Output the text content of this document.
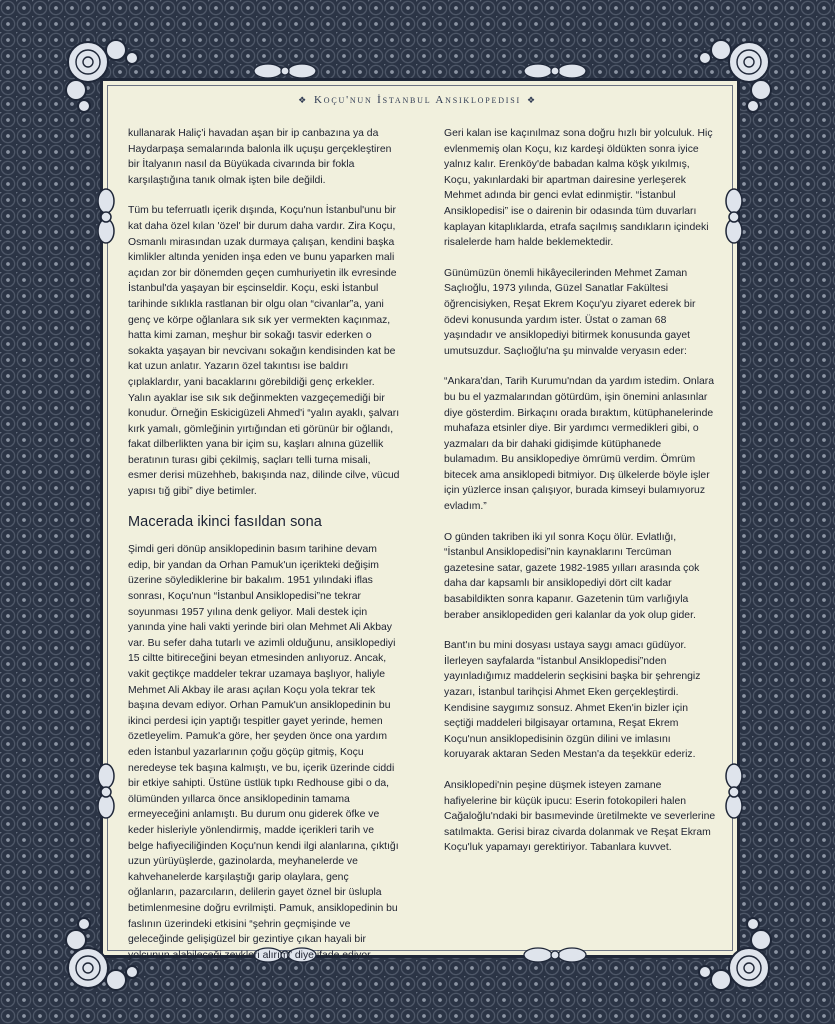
❖ Koçu'nun İstanbul Ansiklopedisi ❖

kullanarak Haliç'i havadan aşan bir ip canbazına ya da Haydarpaşa semalarında balonla ilk uçuşu gerçekleştiren bir İtalyanın nasıl da Büyükada civarında bir fokla karşılaştığına tanık olmak işten bile değildi.

Tüm bu teferruatlı içerik dışında, Koçu'nun İstanbul'unu bir kat daha özel kılan 'özel' bir durum daha vardır. Zira Koçu, Osmanlı mirasından uzak durmaya çalışan, kendini başka kimlikler altında yeniden inşa eden ve bunu yaparken mali açıdan zor bir dönemden geçen cumhuriyetin ilk evresinde İstanbul'da yaşayan bir eşcinseldir. Koçu, eski İstanbul tarihinde sıklıkla rastlanan bir olgu olan “civanlar”a, yani genç ve körpe oğlanlara sık sık yer vermekten kaçınmaz, hatta kimi zaman, meşhur bir sokağı tasvir ederken o sokakta yaşayan bir nevcivanı sokağın kendisinden kat be kat uzun anlatır. Yazarın özel takıntısı ise baldırı çıplaklardır, yani bacaklarını görebildiği genç erkekler. Yalın ayaklar ise sık sık değinmekten vazgeçemediği bir konudur. Örneğin Eskicigüzeli Ahmed'i “yalın ayaklı, şalvarı kırk yamalı, gömleğinin yırtığından eti görünür bir oğlandı, fakat dilberlikten yana bir içim su, kaşları alnına güzellik beratının turası gibi çekilmiş, saçları telli turna misali, esmer derisi müzehheb, bakışında naz, dilinde cilve, vücud yapısı tığ gibi” diye betimler.

Macerada ikinci fasıldan sona

Şimdi geri dönüp ansiklopedinin basım tarihine devam edip, bir yandan da Orhan Pamuk'un içerikteki değişim üzerine söylediklerine bir bakalım. 1951 yılındaki iflas sonrası, Koçu'nun “İstanbul Ansiklopedisi”ne tekrar soyunması 1957 yılına denk geliyor. Mali destek için yanında yine hali vakti yerinde biri olan Mehmet Ali Akbay var. Bu sefer daha tutarlı ve azimli olduğunu, ansiklopediyi 15 ciltte bitireceğini beyan etmesinden anlıyoruz. Ancak, vakit geçtikçe maddeler tekrar uzamaya başlıyor, haliyle Mehmet Ali Akbay ile arası açılan Koçu yola tekrar tek başına devam ediyor. Orhan Pamuk'un ansiklopedinin bu ikinci perdesi için yaptığı tespitler gayet yerinde, hemen özetleyelim. Pamuk'a göre, her şeyden önce ona yardım eden İstanbul yazarlarının çoğu göçüp gitmiş, Koçu neredeyse tek başına kalmıştı, ve bu, içerik üzerinde ciddi bir etkiye sahipti. Üstüne üstlük tıpkı Redhouse gibi o da, ölümünden yıllarca önce ansiklopedinin tamama ermeyeceğini anlamıştı. Bu durum onu giderek öfke ve keder hisleriyle yönlendirmiş, madde içerikleri tarih ve belge hafiyeciliğinden Koçu'nun kendi ilgi alanlarına, çıktığı uzun yürüyüşlerde, gazinolarda, meyhanelerde ve kahvehanelerde karşılaştığı garip olaylara, genç oğlanların, pazarcıların, delilerin gayet öznel bir üslupla betimlenmesine doğru evrilmişti. Pamuk, ansiklopedinin bu faslının üzerindeki etkisini “şehrin geçmişinde ve geleceğinde gelişigüzel bir gezintiye çıkan hayali bir yolcunun alabileceği zevkleri alırım” diye ifade ediyor.

Geri kalan ise kaçınılmaz sona doğru hızlı bir yolculuk. Hiç evlenmemiş olan Koçu, kız kardeşi öldükten sonra iyice yalnız kalır. Erenköy'de babadan kalma köşk yıkılmış, Koçu, yakınlardaki bir apartman dairesine yerleşerek Mehmet adında bir genci evlat edinmiştir. “İstanbul Ansiklopedisi” ise o dairenin bir odasında tüm duvarları kaplayan kitaplıklarda, etrafa saçılmış sandıkların içindeki risalelerde ham halde beklemektedir.

Günümüzün önemli hikâyecilerinden Mehmet Zaman Saçlıoğlu, 1973 yılında, Güzel Sanatlar Fakültesi öğrencisiyken, Reşat Ekrem Koçu'yu ziyaret ederek bir ödevi konusunda yardım ister. Üstat o zaman 68 yaşındadır ve ansiklopediyi bitirmek konusunda gayet umutsuzdur. Saçlıoğlu'na şu minvalde veryasın eder:

“Ankara'dan, Tarih Kurumu'ndan da yardım istedim. Onlara bu bu el yazmalarından götürdüm, işin önemini anlasınlar diye gösterdim. Birkaçını orada bıraktım, kütüphanelerinde muhafaza etsinler diye. Bir yardımcı vermedikleri gibi, o yazmaları da bir dahaki gidişimde kütüphanede bulamadım. Bu ansiklopediye ömrümü verdim. Ömrüm bitecek ama ansiklopedi bitmiyor. Dış ülkelerde böyle işler için yüzlerce insan çalışıyor, burada kimseyi bulamıyoruz evladım.”

O günden takriben iki yıl sonra Koçu ölür. Evlatlığı, “İstanbul Ansiklopedisi”nin kaynaklarını Tercüman gazetesine satar, gazete 1982-1985 yılları arasında çok daha dar kapsamlı bir ansiklopediyi dört cilt kadar basabildikten sonra kapanır. Gazetenin tüm varlığıyla beraber ansiklopediden geri kalanlar da yok olup gider.

Bant'ın bu mini dosyası ustaya saygı amacı güdüyor. İlerleyen sayfalarda “İstanbul Ansiklopedisi”nden yayınladığımız maddelerin seçkisini başka bir şehrengiz yazarı, İstanbul tarihçisi Ahmet Eken gerçekleştirdi. Kendisine saygımız sonsuz. Ahmet Eken'in bizler için seçtiği maddeleri bilgisayar ortamına, Reşat Ekrem Koçu'nun ansiklopedisinin özgün dilini ve imlasını koruyarak aktaran Seden Mestan'a da teşekkür ederiz.

Ansiklopedi'nin peşine düşmek isteyen zamane hafiyelerine bir küçük ipucu: Eserin fotokopileri halen Cağaloğlu'ndaki bir basımevinde üretilmekte ve severlerine satılmakta. Gerisi biraz civarda dolanmak ve Reşat Ekram Koçu'luk yapamayı gerektiriyor. Tabanlara kuvvet.
